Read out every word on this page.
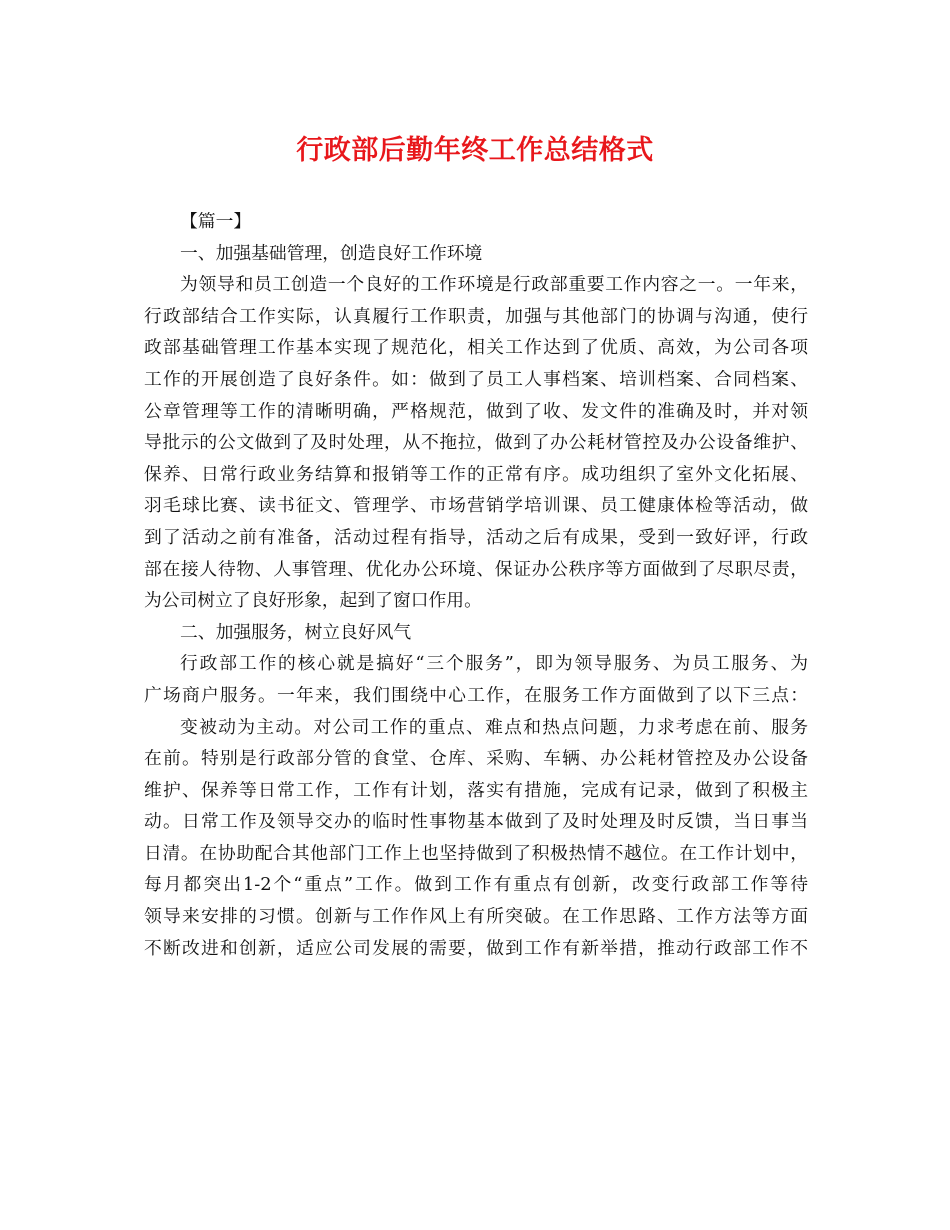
行政部后勤年终工作总结格式
【篇一】
一、加强基础管理，创造良好工作环境
为领导和员工创造一个良好的工作环境是行政部重要工作内容之一。一年来，
行政部结合工作实际，认真履行工作职责，加强与其他部门的协调与沟通，使行
政部基础管理工作基本实现了规范化，相关工作达到了优质、高效，为公司各项
工作的开展创造了良好条件。如：做到了员工人事档案、培训档案、合同档案、
公章管理等工作的清晰明确，严格规范，做到了收、发文件的准确及时，并对领
导批示的公文做到了及时处理，从不拖拉，做到了办公耗材管控及办公设备维护、
保养、日常行政业务结算和报销等工作的正常有序。成功组织了室外文化拓展、
羽毛球比赛、读书征文、管理学、市场营销学培训课、员工健康体检等活动，做
到了活动之前有准备，活动过程有指导，活动之后有成果，受到一致好评，行政
部在接人待物、人事管理、优化办公环境、保证办公秩序等方面做到了尽职尽责，
为公司树立了良好形象，起到了窗口作用。
二、加强服务，树立良好风气
行政部工作的核心就是搞好“三个服务”，即为领导服务、为员工服务、为
广场商户服务。一年来，我们围绕中心工作，在服务工作方面做到了以下三点：
变被动为主动。对公司工作的重点、难点和热点问题，力求考虑在前、服务
在前。特别是行政部分管的食堂、仓库、采购、车辆、办公耗材管控及办公设备
维护、保养等日常工作，工作有计划，落实有措施，完成有记录，做到了积极主
动。日常工作及领导交办的临时性事物基本做到了及时处理及时反馈，当日事当
日清。在协助配合其他部门工作上也坚持做到了积极热情不越位。在工作计划中，
每月都突出1-2个“重点”工作。做到工作有重点有创新，改变行政部工作等待
领导来安排的习惯。创新与工作作风上有所突破。在工作思路、工作方法等方面
不断改进和创新，适应公司发展的需要，做到工作有新举措，推动行政部工作不
